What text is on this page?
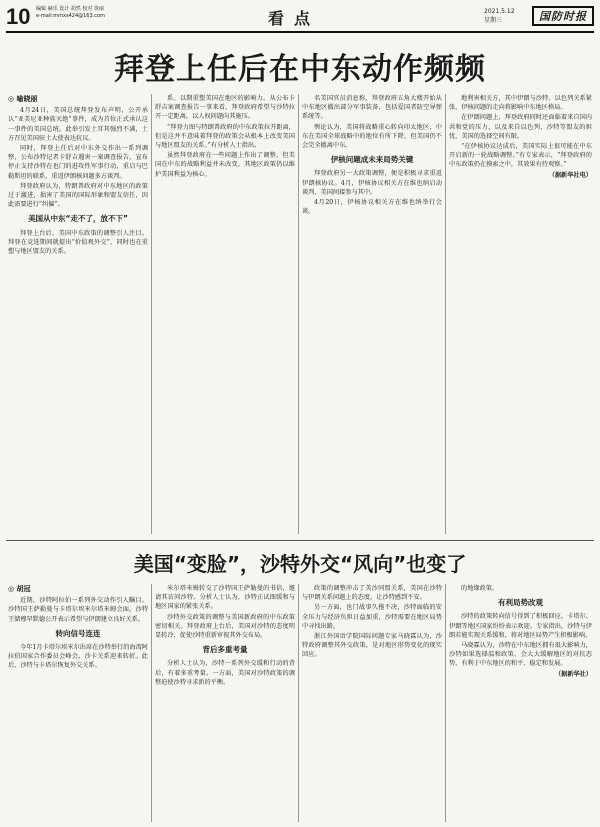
10 编辑 赫乐 设计 胡然 校对 徐丽
e-mail:mmxs424@163.com	看点	2021.5.12
星期三	国防时报
拜登上任后在中东动作频频
◎ 喻晓丽

4月24日，美国总统拜登发布声明，公开承认“亚美尼亚种族灭绝”事件，成为首位正式承认这一事件的美国总统。此举引发土耳其强烈不满，土方召见美国驻土大使表达抗议。

同时，拜登上任后对中东外交作出一系列调整，公布沙特记者卡舒吉遇害一案调查报告，宣布停止支持沙特在也门的进攻性军事行动，重启与巴勒斯坦的联系，重返伊朗核问题多方谈判。

拜登政府认为，特朗普政府对中东地区的政策过于激进，损害了美国的国际形象和盟友信任，因此需要进行“纠偏”。

美国从中东“走不了，放不下”

拜登上台后，美国中东政策的调整引人注目。拜登在竞选期间就提出“价值观外交”，同时也在重塑与地区盟友的关系。

系。以期重塑美国在地区的影响力。从公布卡舒吉案调查报告一事来看，拜登政府希望与沙特拉开一定距离，以人权问题向其施压。

“拜登力图与特朗普政府的中东政策拉开距离，但是这并不意味着拜登的政策会从根本上改变美国与地区盟友的关系。”有分析人士指出。

虽然拜登政府在一些问题上作出了调整，但美国在中东的战略利益并未改变，其地区政策仍以维护美国利益为核心。

名美国官员消息称，拜登政府五角大楼开始从中东地区撤出部分军事装备，包括爱国者防空导弹系统等。

舆论认为，美国将战略重心转向印太地区，中东在美国全球战略中的地位有所下降，但美国仍不会完全撤离中东。

伊核问题成未来局势关键

拜登政府另一大政策调整，便是积极寻求重返伊朗核协议。4月，伊核协议相关方在维也纳启动谈判，美国间接参与其中。

4月20日，伊核协议相关方在维也纳举行会谈。

地利害相关方，其中伊朗与沙特、以色列关系紧张，伊核问题的走向将影响中东地区格局。

在伊朗问题上，拜登政府同时还面临着来自国内共和党的压力，以及来自以色列、沙特等盟友的担忧，美国的选择空间有限。

“在伊核协议达成后，美国实际上很可能在中东开启新的一轮战略调整。”有专家表示，“拜登政府的中东政策仍在摸索之中，其效果有待观察。”

（据新华社电）
美国“变脸”，沙特外交“风向”也变了
◎ 胡冠

近期，沙特阿拉伯一系列外交动作引人瞩目。沙特国王萨勒曼与卡塔尔埃米尔塔米姆会面，沙特王储穆罕默德公开表示希望与伊朗建立良好关系。

转向信号连连

今年1月卡塔尔埃米尔出席在沙特举行的海湾阿拉伯国家合作委员会峰会，沙卡关系迎来转折。此后，沙特与卡塔尔恢复外交关系。

米尔塔米姆转交了沙特国王萨勒曼的书信，邀请其访问沙特。分析人士认为，沙特正试图缓和与地区国家的紧张关系。

沙特外交政策的调整与美国新政府的中东政策密切相关。拜登政府上台后，美国对沙特的态度明显转冷，促使沙特重新审视其外交布局。

背后多重考量

分析人士认为，沙特一系列外交缓和行动的背后，有着多重考量。一方面，美国对沙特政策的调整迫使沙特寻求新的平衡。

政策的调整冲击了美沙同盟关系，美国在沙特与伊朗关系问题上的态度，让沙特感到不安。

另一方面，也门战事久拖不决，沙特面临的安全压力与经济负担日益加重，沙特需要在地区局势中寻找出路。

浙江外国语学院国际问题专家马晓霖认为，沙特政府调整其外交政策，是对地区形势变化的现实回应。

的地缘政策。

有利局势改观

沙特的政策转向信号得到了积极回应，卡塔尔、伊朗等地区国家纷纷表示欢迎。专家指出，沙特与伊朗若能实现关系缓和，将对地区局势产生积极影响。

马晓霖认为，沙特在中东地区拥有很大影响力，沙特如果选择温和政策，会大大缓解地区的对抗态势，有利于中东地区的和平、稳定和发展。

（据新华社）
